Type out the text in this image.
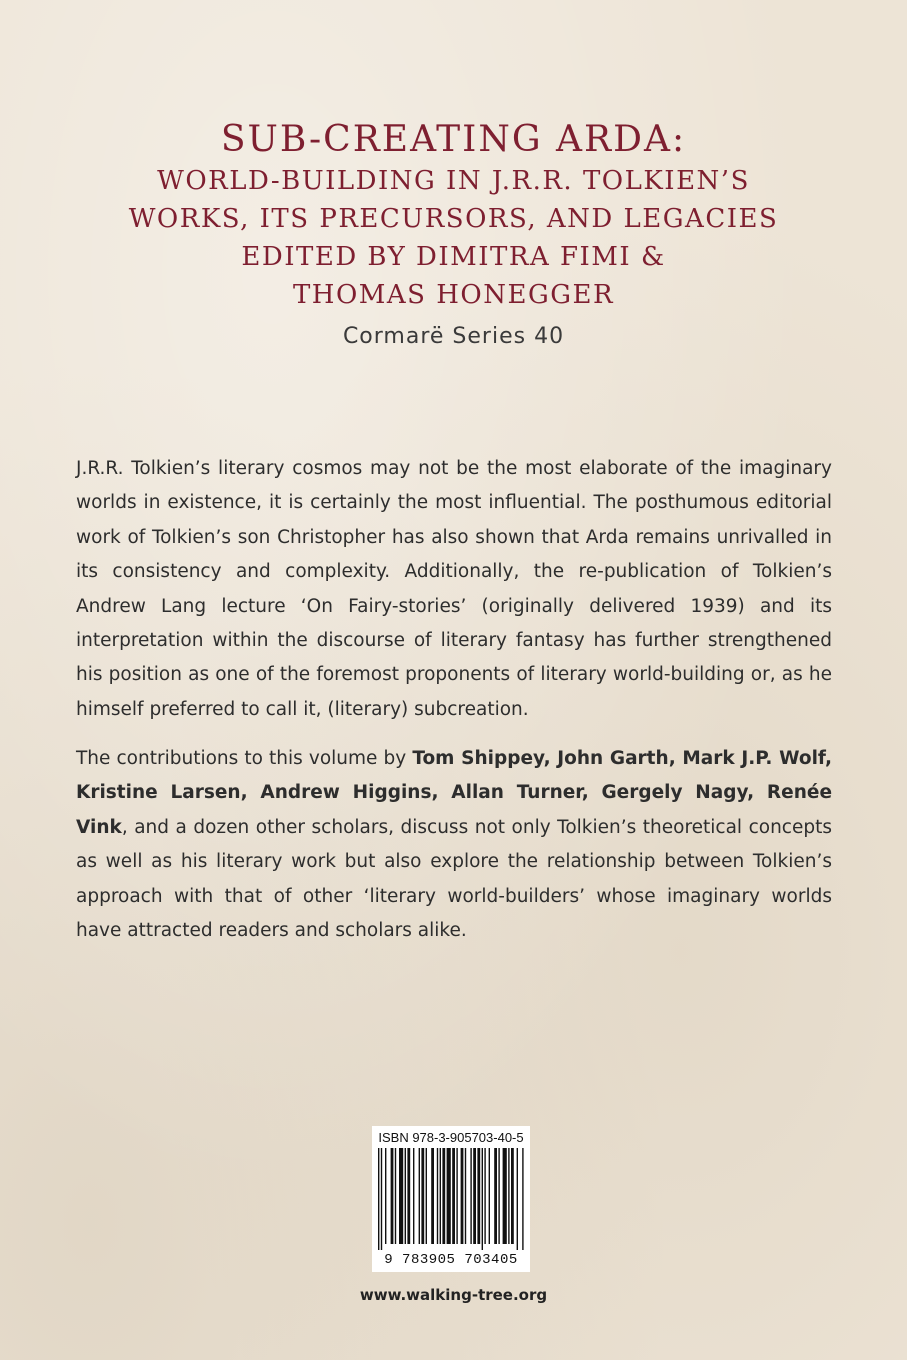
SUB-CREATING ARDA:
WORLD-BUILDING IN J.R.R. TOLKIEN’S
WORKS, ITS PRECURSORS, AND LEGACIES
EDITED BY DIMITRA FIMI &
THOMAS HONEGGER
Cormarë Series 40

J.R.R. Tolkien’s literary cosmos may not be the most elaborate of the imaginary worlds in existence, it is certainly the most influential. The posthumous editorial work of Tolkien’s son Christopher has also shown that Arda remains unrivalled in its consistency and complexity. Additionally, the re-publication of Tolkien’s Andrew Lang lecture ‘On Fairy-stories’ (originally delivered 1939) and its interpretation within the discourse of literary fantasy has further strengthened his position as one of the foremost proponents of literary world-building or, as he himself preferred to call it, (literary) subcreation.

The contributions to this volume by Tom Shippey, John Garth, Mark J.P. Wolf, Kristine Larsen, Andrew Higgins, Allan Turner, Gergely Nagy, Renée Vink, and a dozen other scholars, discuss not only Tolkien’s theoretical concepts as well as his literary work but also explore the relationship between Tolkien’s approach with that of other ‘literary world-builders’ whose imaginary worlds have attracted readers and scholars alike.

ISBN 978-3-905703-40-5
9 783905 703405
www.walking-tree.org
